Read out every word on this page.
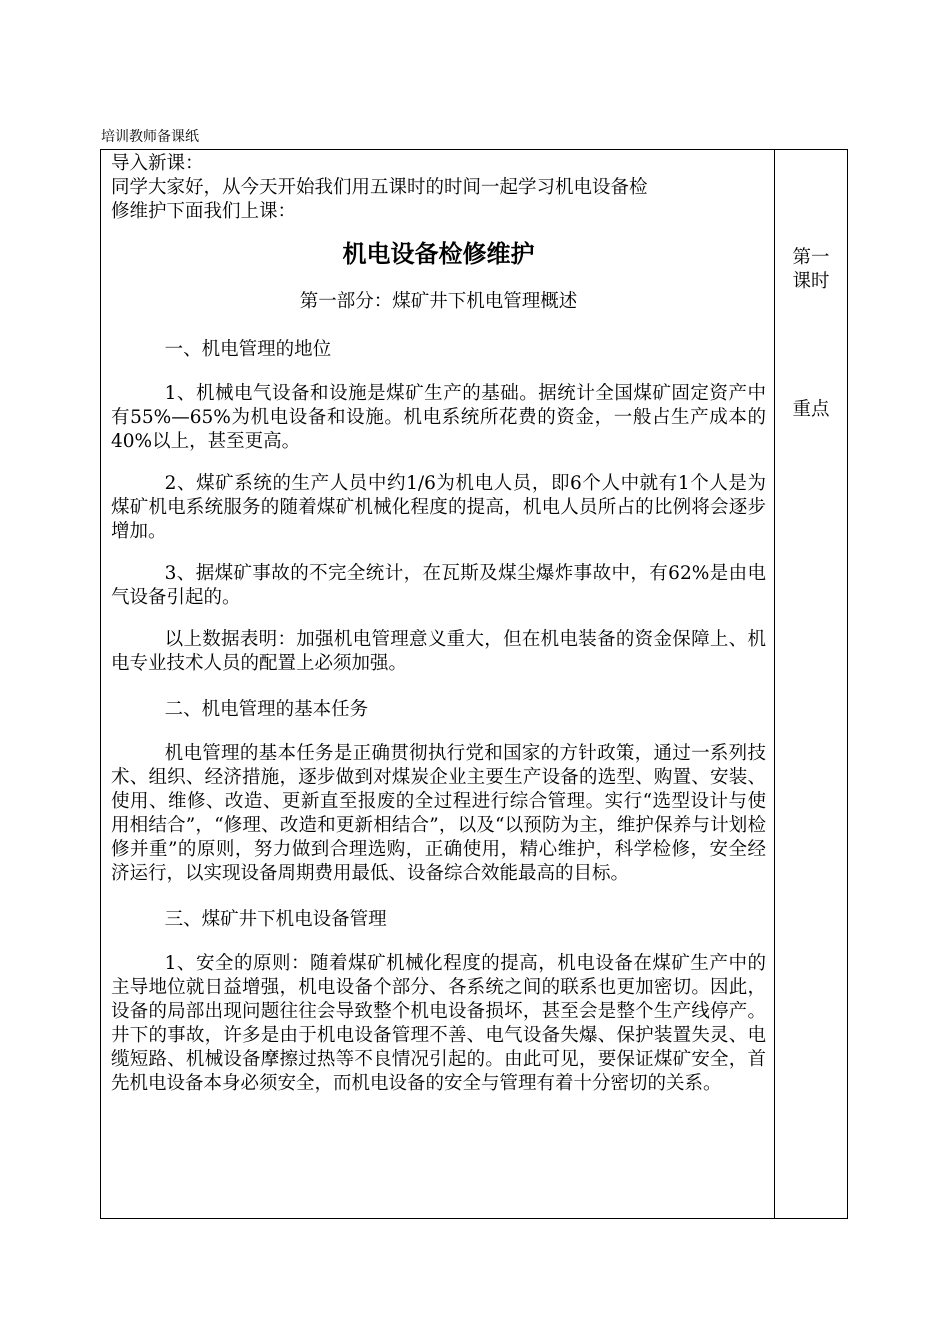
培训教师备课纸

导入新课：

同学大家好，从今天开始我们用五课时的时间一起学习机电设备检

修维护下面我们上课：

机电设备检修维护

第一部分：煤矿井下机电管理概述

一、机电管理的地位

1、机械电气设备和设施是煤矿生产的基础。据统计全国煤矿固定资产中有55%—65%为机电设备和设施。机电系统所花费的资金，一般占生产成本的40%以上，甚至更高。

2、煤矿系统的生产人员中约1/6为机电人员，即6个人中就有1个人是为煤矿机电系统服务的随着煤矿机械化程度的提高，机电人员所占的比例将会逐步增加。

3、据煤矿事故的不完全统计，在瓦斯及煤尘爆炸事故中，有62%是由电气设备引起的。

以上数据表明：加强机电管理意义重大，但在机电装备的资金保障上、机电专业技术人员的配置上必须加强。

二、机电管理的基本任务

机电管理的基本任务是正确贯彻执行党和国家的方针政策，通过一系列技术、组织、经济措施，逐步做到对煤炭企业主要生产设备的选型、购置、安装、使用、维修、改造、更新直至报废的全过程进行综合管理。实行“选型设计与使用相结合”，“修理、改造和更新相结合”，以及“以预防为主，维护保养与计划检修并重”的原则，努力做到合理选购，正确使用，精心维护，科学检修，安全经济运行，以实现设备周期费用最低、设备综合效能最高的目标。

三、煤矿井下机电设备管理

1、安全的原则：随着煤矿机械化程度的提高，机电设备在煤矿生产中的主导地位就日益增强，机电设备个部分、各系统之间的联系也更加密切。因此，设备的局部出现问题往往会导致整个机电设备损坏，甚至会是整个生产线停产。井下的事故，许多是由于机电设备管理不善、电气设备失爆、保护装置失灵、电缆短路、机械设备摩擦过热等不良情况引起的。由此可见，要保证煤矿安全，首先机电设备本身必须安全，而机电设备的安全与管理有着十分密切的关系。

第一
课时
重点
